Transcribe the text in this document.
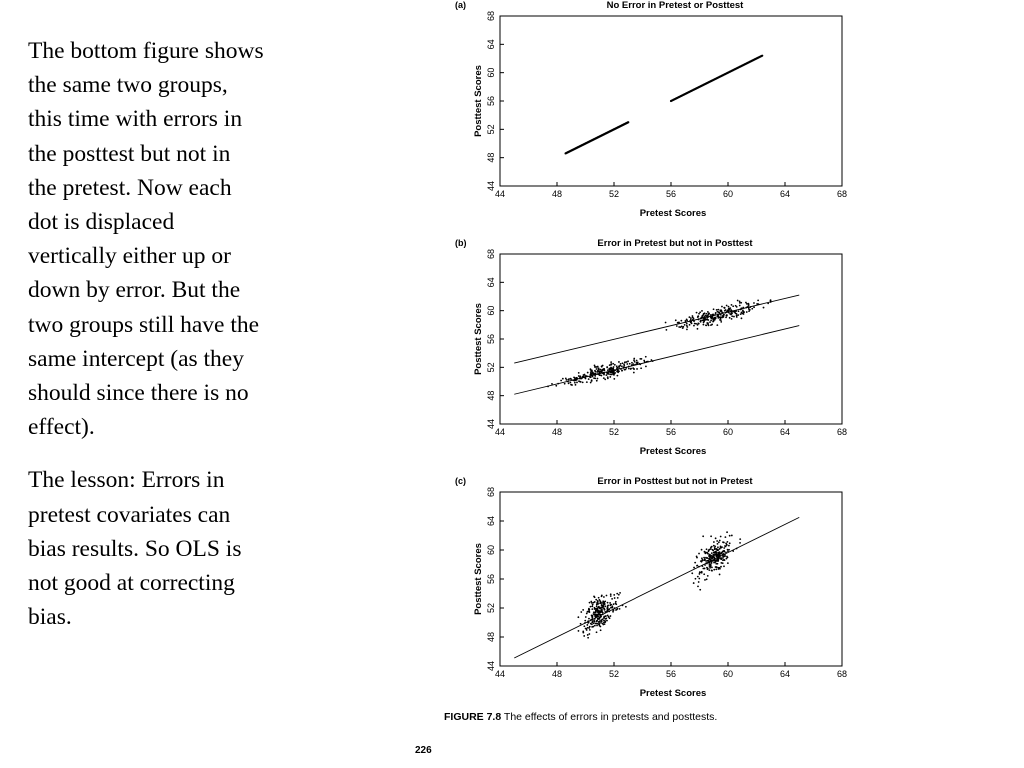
The bottom figure shows the same two groups, this time with errors in the posttest but not in the pretest. Now each dot is displaced vertically either up or down by error. But the two groups still have the same intercept (as they should since there is no effect).

The lesson: Errors in pretest covariates can bias results. So OLS is not good at correcting bias.

(a)	No Error in Pretest or Posttest
44	48	52	56	60	64	68
44
48
52
56
60
64
68
Pretest Scores
Posttest Scores
(b)	Error in Pretest but not in Posttest
44	48	52	56	60	64	68
44
48
52
56
60
64
68
Pretest Scores
Posttest Scores
(c)	Error in Posttest but not in Pretest
44	48	52	56	60	64	68
44
48
52
56
60
64
68
Pretest Scores
Posttest Scores
FIGURE 7.8 The effects of errors in pretests and posttests.
226
